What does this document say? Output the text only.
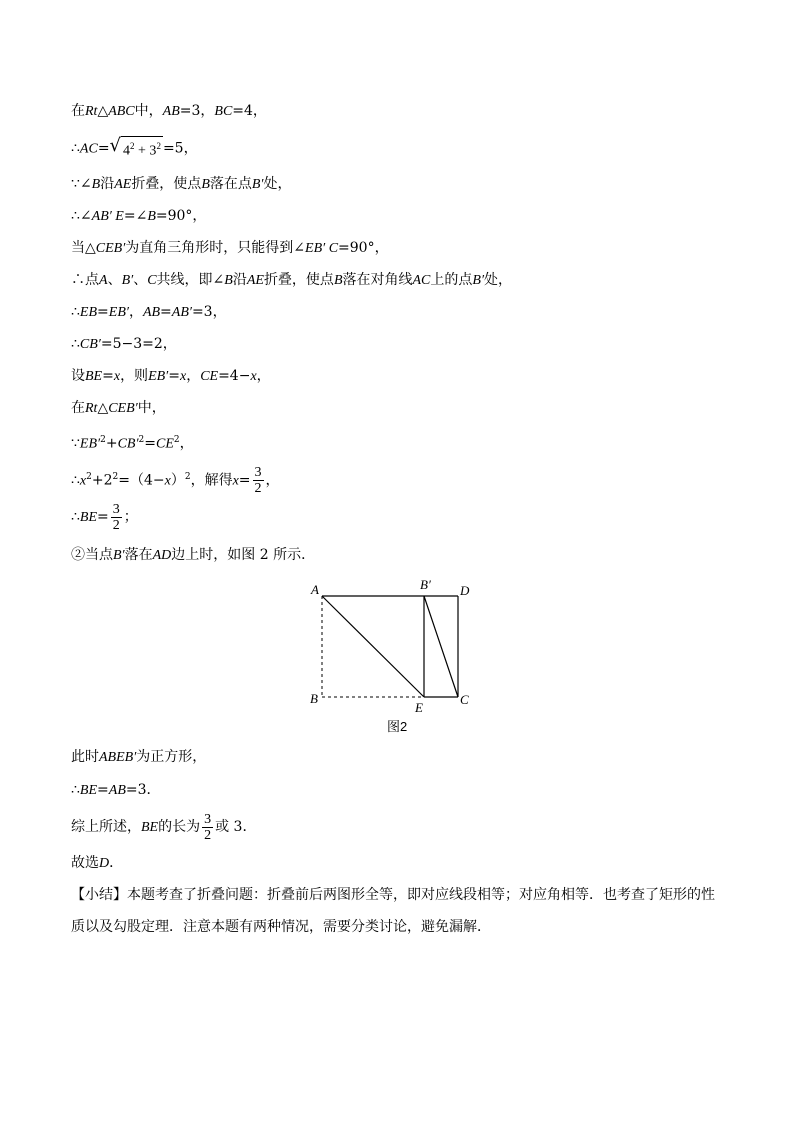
在Rt△ABC中，AB=3，BC=4，
∴AC= √ $4^2 + 3^2 =5$，
∵∠B沿AE折叠，使点B落在点B′处，
∴∠AB′ E=∠B=90°，
当△CEB′为直角三角形时，只能得到∠EB′ C=90°，
∴点A、B′、C共线，即∠B沿AE折叠，使点B落在对角线AC上的点B′处，
∴EB=EB′，AB=AB′=3，
∴CB′=5−3=2，
设BE=x，则EB′=x，CE=4−x，
在Rt△CEB′中，
$\because EB'^2+CB'^2=CE^2$，
$\therefore x^2+2^2=(4-x)^2$，解得$x= \frac{3}{2}$ ，
∴BE= $\frac{3}{2}$ ；
②当点B′落在AD边上时，如图 2 所示．
A	B′ D
B
E
C
图2
此时ABEB′为正方形，
∴BE=AB=3．
综上所述，BE的长为 $\frac{3}{2}$ 或 3．
故选D．
【小结】本题考查了折叠问题：折叠前后两图形全等，即对应线段相等；对应角相等．也考查了矩形的性
质以及勾股定理．注意本题有两种情况，需要分类讨论，避免漏解．
